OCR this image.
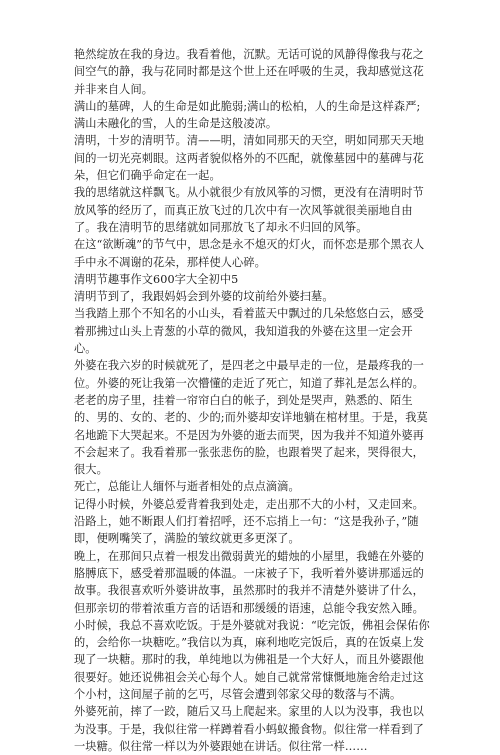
艳然绽放在我的身边。我看着他，沉默。无话可说的风静得像我与花之间空气的静，我与花同时都是这个世上还在呼吸的生灵，我却感觉这花并非来自人间。

满山的墓碑，人的生命是如此脆弱;满山的松柏，人的生命是这样森严;满山未融化的雪，人的生命是这般凌凉。

清明，十岁的清明节。清——明，清如同那天的天空，明如同那天天地间的一切光亮刺眼。这两者貌似格外的不匹配，就像墓园中的墓碑与花朵，但它们确乎命定在一起。

我的思绪就这样飘飞。从小就很少有放风筝的习惯，更没有在清明时节放风筝的经历了，而真正放飞过的几次中有一次风筝就很美丽地自由了。我在清明节的思绪就如同那放飞了却永不归回的风筝。

在这“欲断魂”的节气中，思念是永不熄灭的灯火，而怀恋是那个黑衣人手中永不凋谢的花朵，那样使人心碎。

清明节趣事作文600字大全初中5

清明节到了，我跟妈妈会到外婆的坟前给外婆扫墓。

当我踏上那个不知名的小山头，看着蓝天中飘过的几朵悠悠白云，感受着那拂过山头上青葱的小草的微风，我知道我的外婆在这里一定会开心。

外婆在我六岁的时候就死了，是四老之中最早走的一位，是最疼我的一位。外婆的死让我第一次懵懂的走近了死亡，知道了葬礼是怎么样的。老老的房子里，挂着一帘帘白白的帐子，到处是哭声，熟悉的、陌生的、男的、女的、老的、少的;而外婆却安详地躺在棺材里。于是，我莫名地跪下大哭起来。不是因为外婆的逝去而哭，因为我并不知道外婆再不会起来了。我看着那一张张悲伤的脸，也跟着哭了起来，哭得很大，很大。

死亡，总能让人缅怀与逝者相处的点点滴滴。

记得小时候，外婆总爱背着我到处走，走出那不大的小村，又走回来。沿路上，她不断跟人们打着招呼，还不忘捎上一句：“这是我孙子，”随即，便咧嘴笑了，满脸的皱纹就更多更深了。

晚上，在那间只点着一根发出微弱黄光的蜡烛的小屋里，我蜷在外婆的胳膊底下，感受着那温暖的体温。一床被子下，我听着外婆讲那遥远的故事。我很喜欢听外婆讲故事，虽然那时的我并不清楚外婆讲了什么，但那亲切的带着浓重方音的话语和那缓缓的语速，总能令我安然入睡。

小时候，我总不喜欢吃饭。于是外婆就对我说：“吃完饭，佛祖会保佑你的，会给你一块糖吃。”我信以为真，麻利地吃完饭后，真的在饭桌上发现了一块糖。那时的我，单纯地以为佛祖是一个大好人，而且外婆跟他很要好。她还说佛祖会关心每个人。她自己就常常慷慨地施舍给走过这个小村，这间屋子前的乞丐，尽管会遭到邻家父母的数落与不满。

外婆死前，摔了一跤，随后又马上爬起来。家里的人以为没事，我也以为没事。于是，我似往常一样蹲着看小蚂蚁搬食物。似往常一样看到了一块糖。似往常一样以为外婆跟她在讲话。似往常一样……
